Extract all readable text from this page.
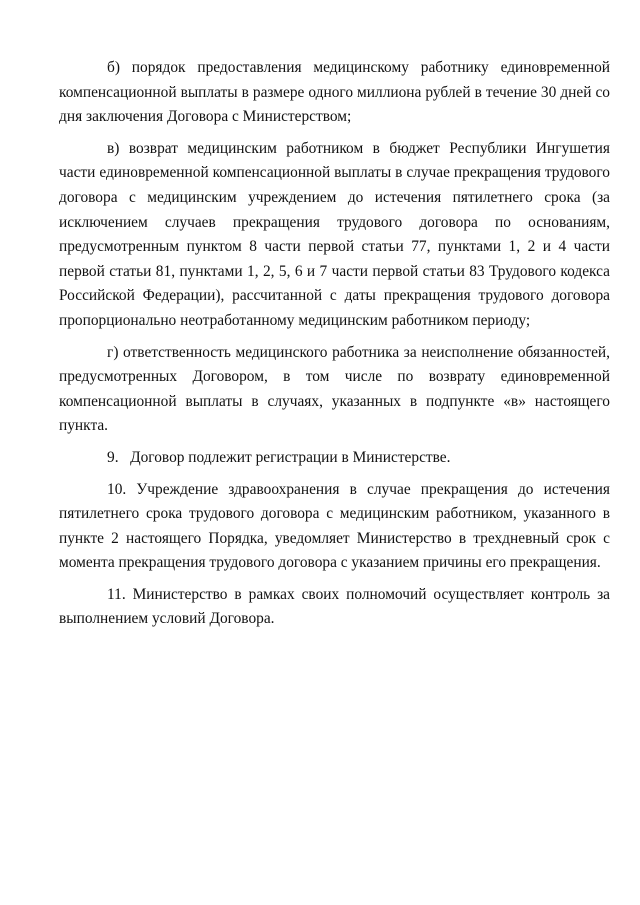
б) порядок предоставления медицинскому работнику единовременной компенсационной выплаты в размере одного миллиона рублей в течение 30 дней со дня заключения Договора с Министерством;

в) возврат медицинским работником в бюджет Республики Ингушетия части единовременной компенсационной выплаты в случае прекращения трудового договора с медицинским учреждением до истечения пятилетнего срока (за исключением случаев прекращения трудового договора по основаниям, предусмотренным пунктом 8 части первой статьи 77, пунктами 1, 2 и 4 части первой статьи 81, пунктами 1, 2, 5, 6 и 7 части первой статьи 83 Трудового кодекса Российской Федерации), рассчитанной с даты прекращения трудового договора пропорционально неотработанному медицинским работником периоду;

г) ответственность медицинского работника за неисполнение обязанностей, предусмотренных Договором, в том числе по возврату единовременной компенсационной выплаты в случаях, указанных в подпункте «в» настоящего пункта.

9.   Договор подлежит регистрации в Министерстве.

10. Учреждение здравоохранения в случае прекращения до истечения пятилетнего срока трудового договора с медицинским работником, указанного в пункте 2 настоящего Порядка, уведомляет Министерство в трехдневный срок с момента прекращения трудового договора с указанием причины его прекращения.

11. Министерство в рамках своих полномочий осуществляет контроль за выполнением условий Договора.
